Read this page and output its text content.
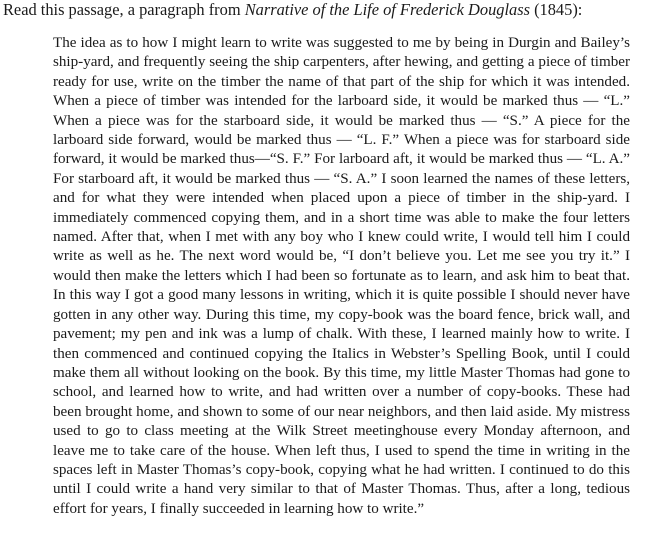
Read this passage, a paragraph from Narrative of the Life of Frederick Douglass (1845):

The idea as to how I might learn to write was suggested to me by being in Durgin and Bailey’s ship-yard, and frequently seeing the ship carpenters, after hewing, and getting a piece of timber ready for use, write on the timber the name of that part of the ship for which it was intended. When a piece of timber was intended for the larboard side, it would be marked thus — “L.” When a piece was for the starboard side, it would be marked thus — “S.” A piece for the larboard side forward, would be marked thus — “L. F.” When a piece was for starboard side forward, it would be marked thus—“S. F.” For larboard aft, it would be marked thus — “L. A.” For starboard aft, it would be marked thus — “S. A.” I soon learned the names of these letters, and for what they were intended when placed upon a piece of timber in the ship-yard. I immediately commenced copying them, and in a short time was able to make the four letters named. After that, when I met with any boy who I knew could write, I would tell him I could write as well as he. The next word would be, “I don’t believe you. Let me see you try it.” I would then make the letters which I had been so fortunate as to learn, and ask him to beat that. In this way I got a good many lessons in writing, which it is quite possible I should never have gotten in any other way. During this time, my copy-book was the board fence, brick wall, and pavement; my pen and ink was a lump of chalk. With these, I learned mainly how to write. I then commenced and continued copying the Italics in Webster’s Spelling Book, until I could make them all without looking on the book. By this time, my little Master Thomas had gone to school, and learned how to write, and had written over a number of copy-books. These had been brought home, and shown to some of our near neighbors, and then laid aside. My mistress used to go to class meeting at the Wilk Street meetinghouse every Monday afternoon, and leave me to take care of the house. When left thus, I used to spend the time in writing in the spaces left in Master Thomas’s copy-book, copying what he had written. I continued to do this until I could write a hand very similar to that of Master Thomas. Thus, after a long, tedious effort for years, I finally succeeded in learning how to write.”
